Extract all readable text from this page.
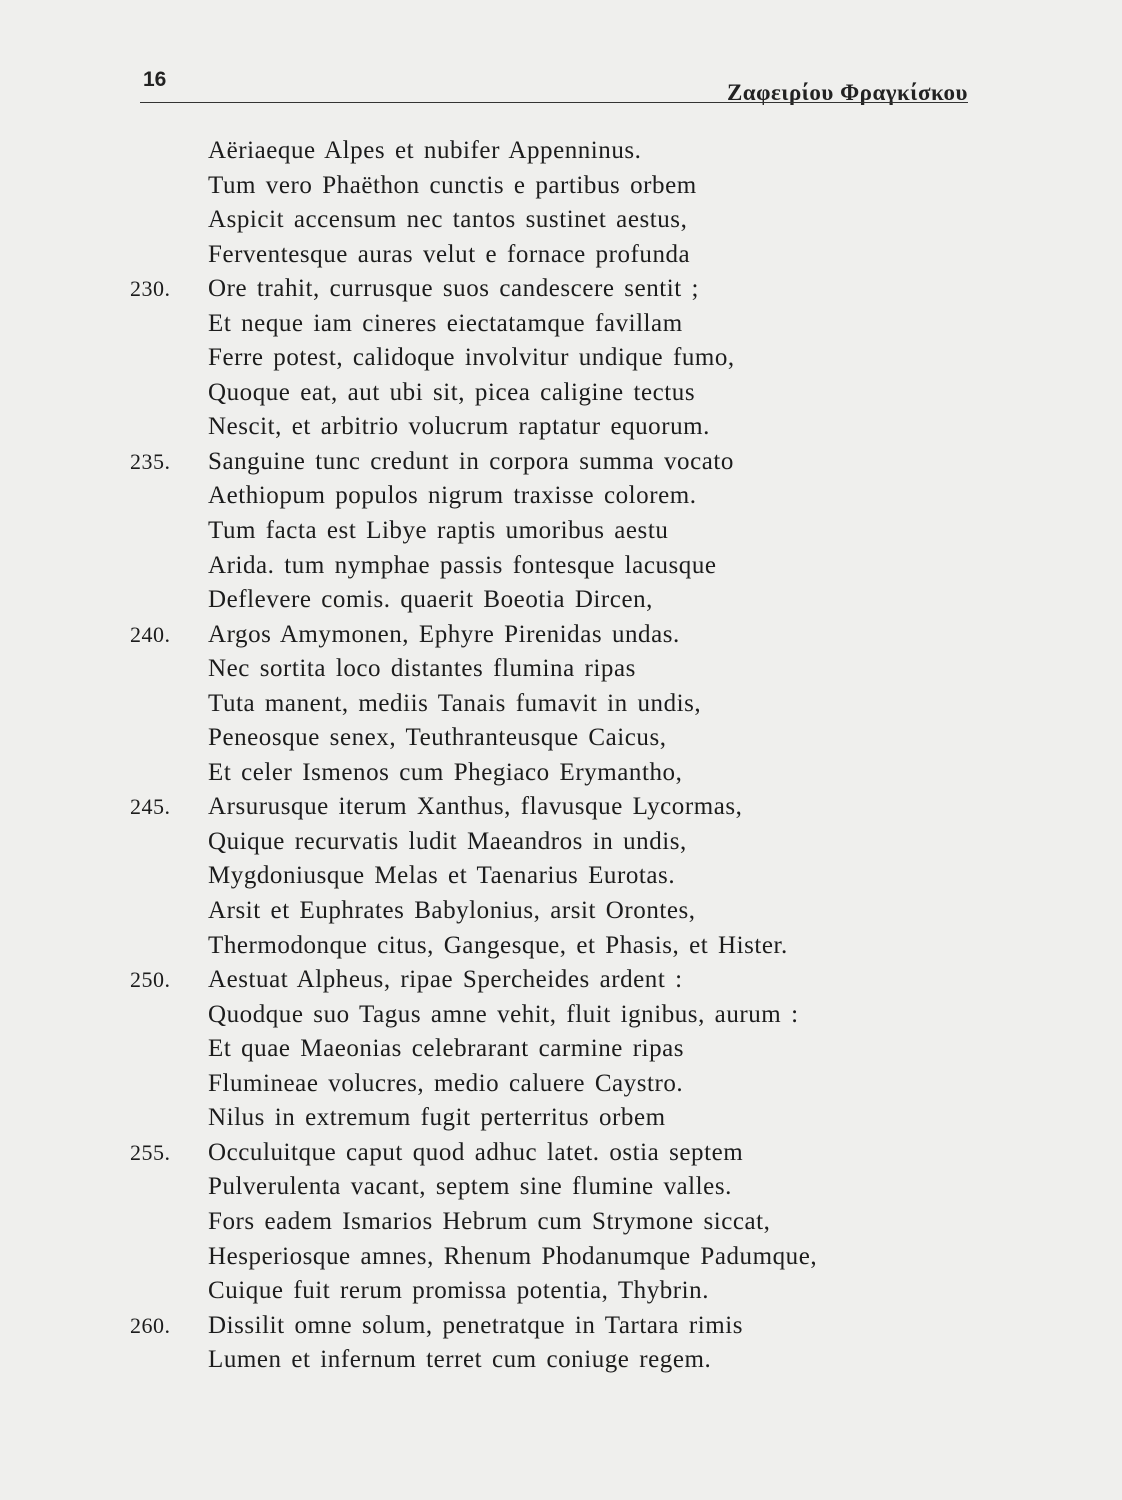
16
Ζαφειρίου Φραγκίσκου
Aëriaeque Alpes et nubifer Appenninus.
Tum vero Phaëthon cunctis e partibus orbem
Aspicit accensum nec tantos sustinet aestus,
Ferventesque auras velut e fornace profunda
230. Ore trahit, currusque suos candescere sentit ;
Et neque iam cineres eiectatamque favillam
Ferre potest, calidoque involvitur undique fumo,
Quoque eat, aut ubi sit, picea caligine tectus
Nescit, et arbitrio volucrum raptatur equorum.
235. Sanguine tunc credunt in corpora summa vocato
Aethiopum populos nigrum traxisse colorem.
Tum facta est Libye raptis umoribus aestu
Arida. tum nymphae passis fontesque lacusque
Deflevere comis. quaerit Boeotia Dircen,
240. Argos Amymonen, Ephyre Pirenidas undas.
Nec sortita loco distantes flumina ripas
Tuta manent, mediis Tanais fumavit in undis,
Peneosque senex, Teuthranteusque Caicus,
Et celer Ismenos cum Phegiaco Erymantho,
245. Arsurusque iterum Xanthus, flavusque Lycormas,
Quique recurvatis ludit Maeandros in undis,
Mygdoniusque Melas et Taenarius Eurotas.
Arsit et Euphrates Babylonius, arsit Orontes,
Thermodonque citus, Gangesque, et Phasis, et Hister.
250. Aestuat Alpheus, ripae Spercheides ardent :
Quodque suo Tagus amne vehit, fluit ignibus, aurum :
Et quae Maeonias celebrarant carmine ripas
Flumineae volucres, medio caluere Caystro.
Nilus in extremum fugit perterritus orbem
255. Occuluitque caput quod adhuc latet. ostia septem
Pulverulenta vacant, septem sine flumine valles.
Fors eadem Ismarios Hebrum cum Strymone siccat,
Hesperiosque amnes, Rhenum Phodanumque Padumque,
Cuique fuit rerum promissa potentia, Thybrin.
260. Dissilit omne solum, penetratque in Tartara rimis
Lumen et infernum terret cum coniuge regem.
